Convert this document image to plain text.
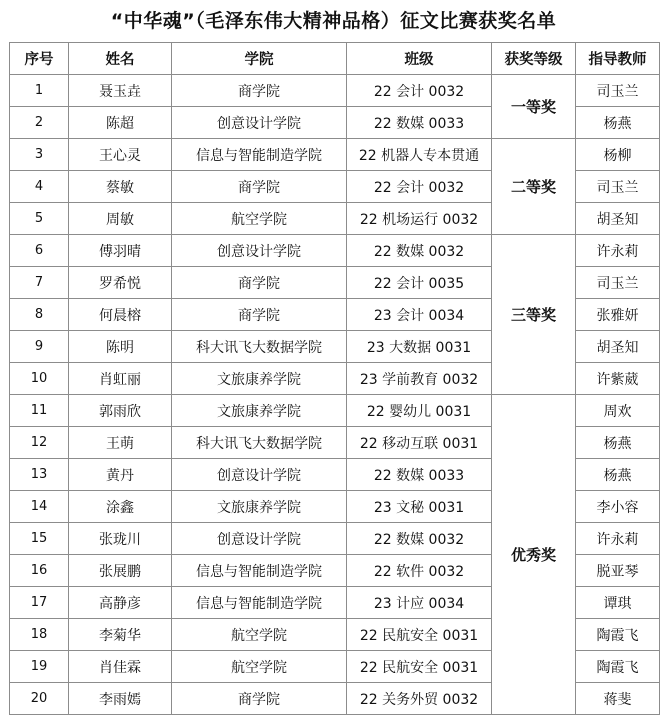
“中华魂”（毛泽东伟大精神品格）征文比赛获奖名单
序号	姓名	学院	班级	获奖等级	指导教师
1	聂玉垚	商学院	22 会计 0032	一等奖	司玉兰
2	陈超	创意设计学院	22 数媒 0033		杨燕
3	王心灵	信息与智能制造学院	22 机器人专本贯通	二等奖	杨柳
4	蔡敏	商学院	22 会计 0032		司玉兰
5	周敏	航空学院	22 机场运行 0032		胡圣知
6	傅羽晴	创意设计学院	22 数媒 0032	三等奖	许永莉
7	罗希悦	商学院	22 会计 0035		司玉兰
8	何晨榕	商学院	23 会计 0034		张雅妍
9	陈明	科大讯飞大数据学院	23 大数据 0031		胡圣知
10	肖虹丽	文旅康养学院	23 学前教育 0032		许紫葳
11	郭雨欣	文旅康养学院	22 婴幼儿 0031	优秀奖	周欢
12	王萌	科大讯飞大数据学院	22 移动互联 0031		杨燕
13	黄丹	创意设计学院	22 数媒 0033		杨燕
14	涂鑫	文旅康养学院	23 文秘 0031		李小容
15	张珑川	创意设计学院	22 数媒 0032		许永莉
16	张展鹏	信息与智能制造学院	22 软件 0032		脱亚琴
17	高静彦	信息与智能制造学院	23 计应 0034		谭琪
18	李菊华	航空学院	22 民航安全 0031		陶霞飞
19	肖佳霖	航空学院	22 民航安全 0031		陶霞飞
20	李雨嫣	商学院	22 关务外贸 0032		蒋斐
